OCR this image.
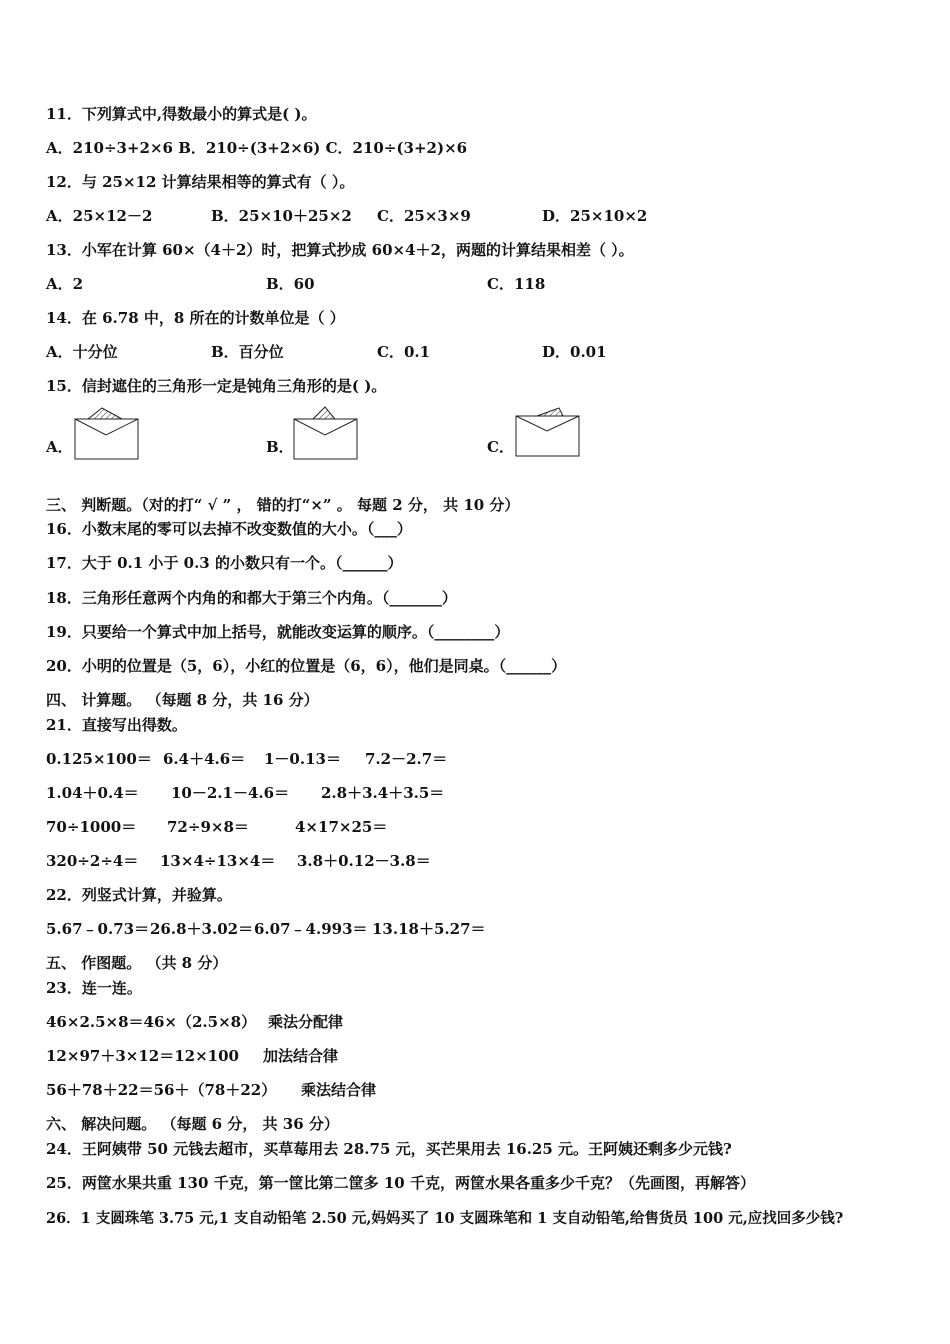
11．下列算式中,得数最小的算式是( )。
A．210÷3+2×6 B．210÷(3+2×6) C．210÷(3+2)×6
12．与 25×12 计算结果相等的算式有（ ）。
A．25×12－2	B．25×10＋25×2 C．25×3×9	D．25×10×2
13．小军在计算 60×（4＋2）时，把算式抄成 60×4＋2，两题的计算结果相差（ ）。
A．2	B．60	C．118
14．在 6.78 中，8 所在的计数单位是（ ）
A．十分位	B．百分位	C．0.1	D．0.01
15．信封遮住的三角形一定是钝角三角形的是( )。
A．	B．	C．
三、 判断题。（对的打“ √ ” ， 错的打“×” 。 每题 2 分， 共 10 分）
16．小数末尾的零可以去掉不改变数值的大小。（___）
17．大于 0.1 小于 0.3 的小数只有一个。（______）
18．三角形任意两个内角的和都大于第三个内角。（_______）
19．只要给一个算式中加上括号，就能改变运算的顺序。（________）
20．小明的位置是（5，6），小红的位置是（6，6），他们是同桌。（______）
四、 计算题。 （每题 8 分，共 16 分）
21．直接写出得数。
0.125×100＝ 6.4＋4.6＝ 1－0.13＝ 7.2－2.7＝
1.04＋0.4＝ 10－2.1－4.6＝ 2.8＋3.4＋3.5＝
70÷1000＝ 72÷9×8＝	4×17×25＝
320÷2÷4＝ 13×4÷13×4＝ 3.8＋0.12－3.8＝
22．列竖式计算，并验算。
5.67﹣0.73＝ 26.8＋3.02＝ 6.07﹣4.993＝ 13.18＋5.27＝
五、 作图题。 （共 8 分）
23．连一连。
46×2.5×8＝46×（2.5×8） 乘法分配律
12×97＋3×12＝12×100 加法结合律
56＋78＋22＝56＋（78＋22） 乘法结合律
六、 解决问题。 （每题 6 分， 共 36 分）
24．王阿姨带 50 元钱去超市，买草莓用去 28.75 元，买芒果用去 16.25 元。王阿姨还剩多少元钱?
25．两筐水果共重 130 千克，第一筐比第二筐多 10 千克，两筐水果各重多少千克？（先画图，再解答）
26．1 支圆珠笔 3.75 元,1 支自动铅笔 2.50 元,妈妈买了 10 支圆珠笔和 1 支自动铅笔,给售货员 100 元,应找回多少钱?
